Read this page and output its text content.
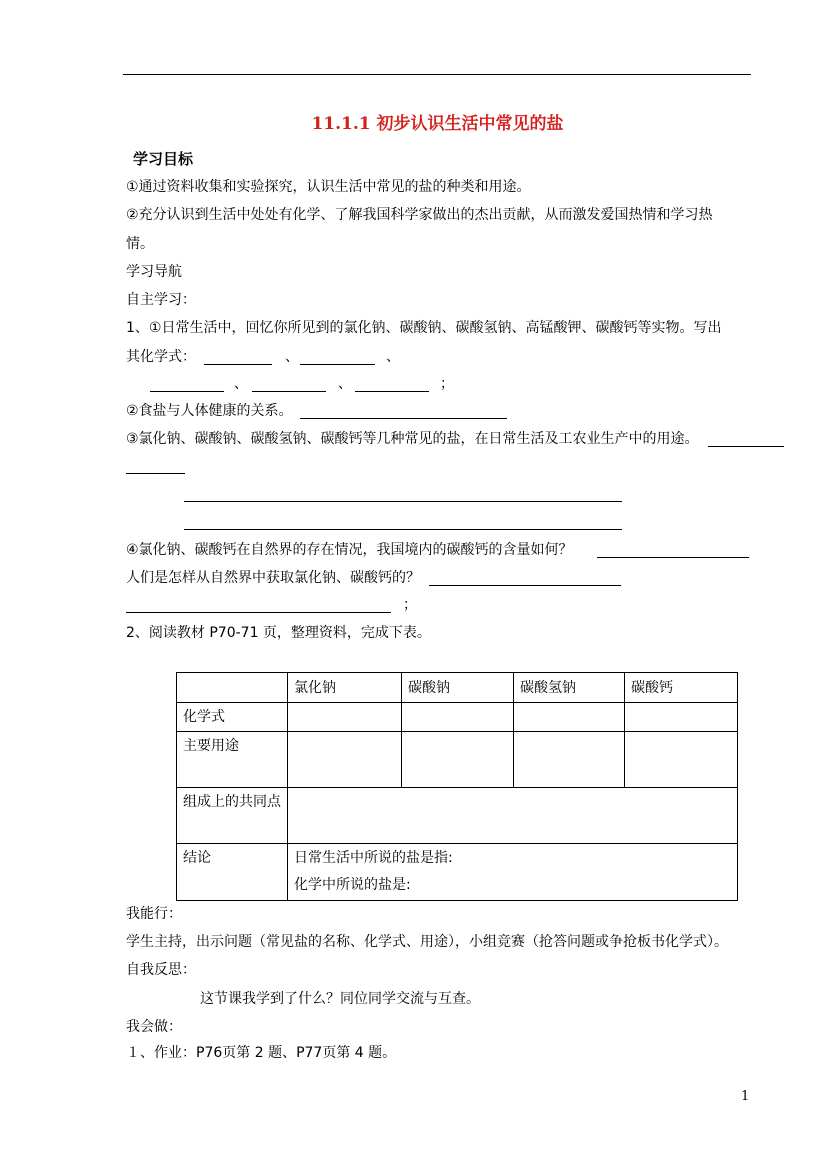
11.1.1 初步认识生活中常见的盐
学习目标
①通过资料收集和实验探究，认识生活中常见的盐的种类和用途。
②充分认识到生活中处处有化学、了解我国科学家做出的杰出贡献，从而激发爱国热情和学习热
情。
学习导航
自主学习：
1、①日常生活中，回忆你所见到的氯化钠、碳酸钠、碳酸氢钠、高锰酸钾、碳酸钙等实物。写出
其化学式：	、	、
、	、	；
②食盐与人体健康的关系。
③氯化钠、碳酸钠、碳酸氢钠、碳酸钙等几种常见的盐，在日常生活及工农业生产中的用途。
④氯化钠、碳酸钙在自然界的存在情况，我国境内的碳酸钙的含量如何？
人们是怎样从自然界中获取氯化钠、碳酸钙的？
；
2、阅读教材 P70-71 页，整理资料，完成下表。
	氯化钠	碳酸钠	碳酸氢钠	碳酸钙
化学式				
主要用途				
组成上的共同点				
结论	日常生活中所说的盐是指:
化学中所说的盐是:			
我能行：
学生主持，出示问题（常见盐的名称、化学式、用途），小组竞赛（抢答问题或争抢板书化学式）。
自我反思：
这节课我学到了什么？同位同学交流与互查。
我会做：
１、作业：P76页第 2 题、P77页第 4 题。
1
